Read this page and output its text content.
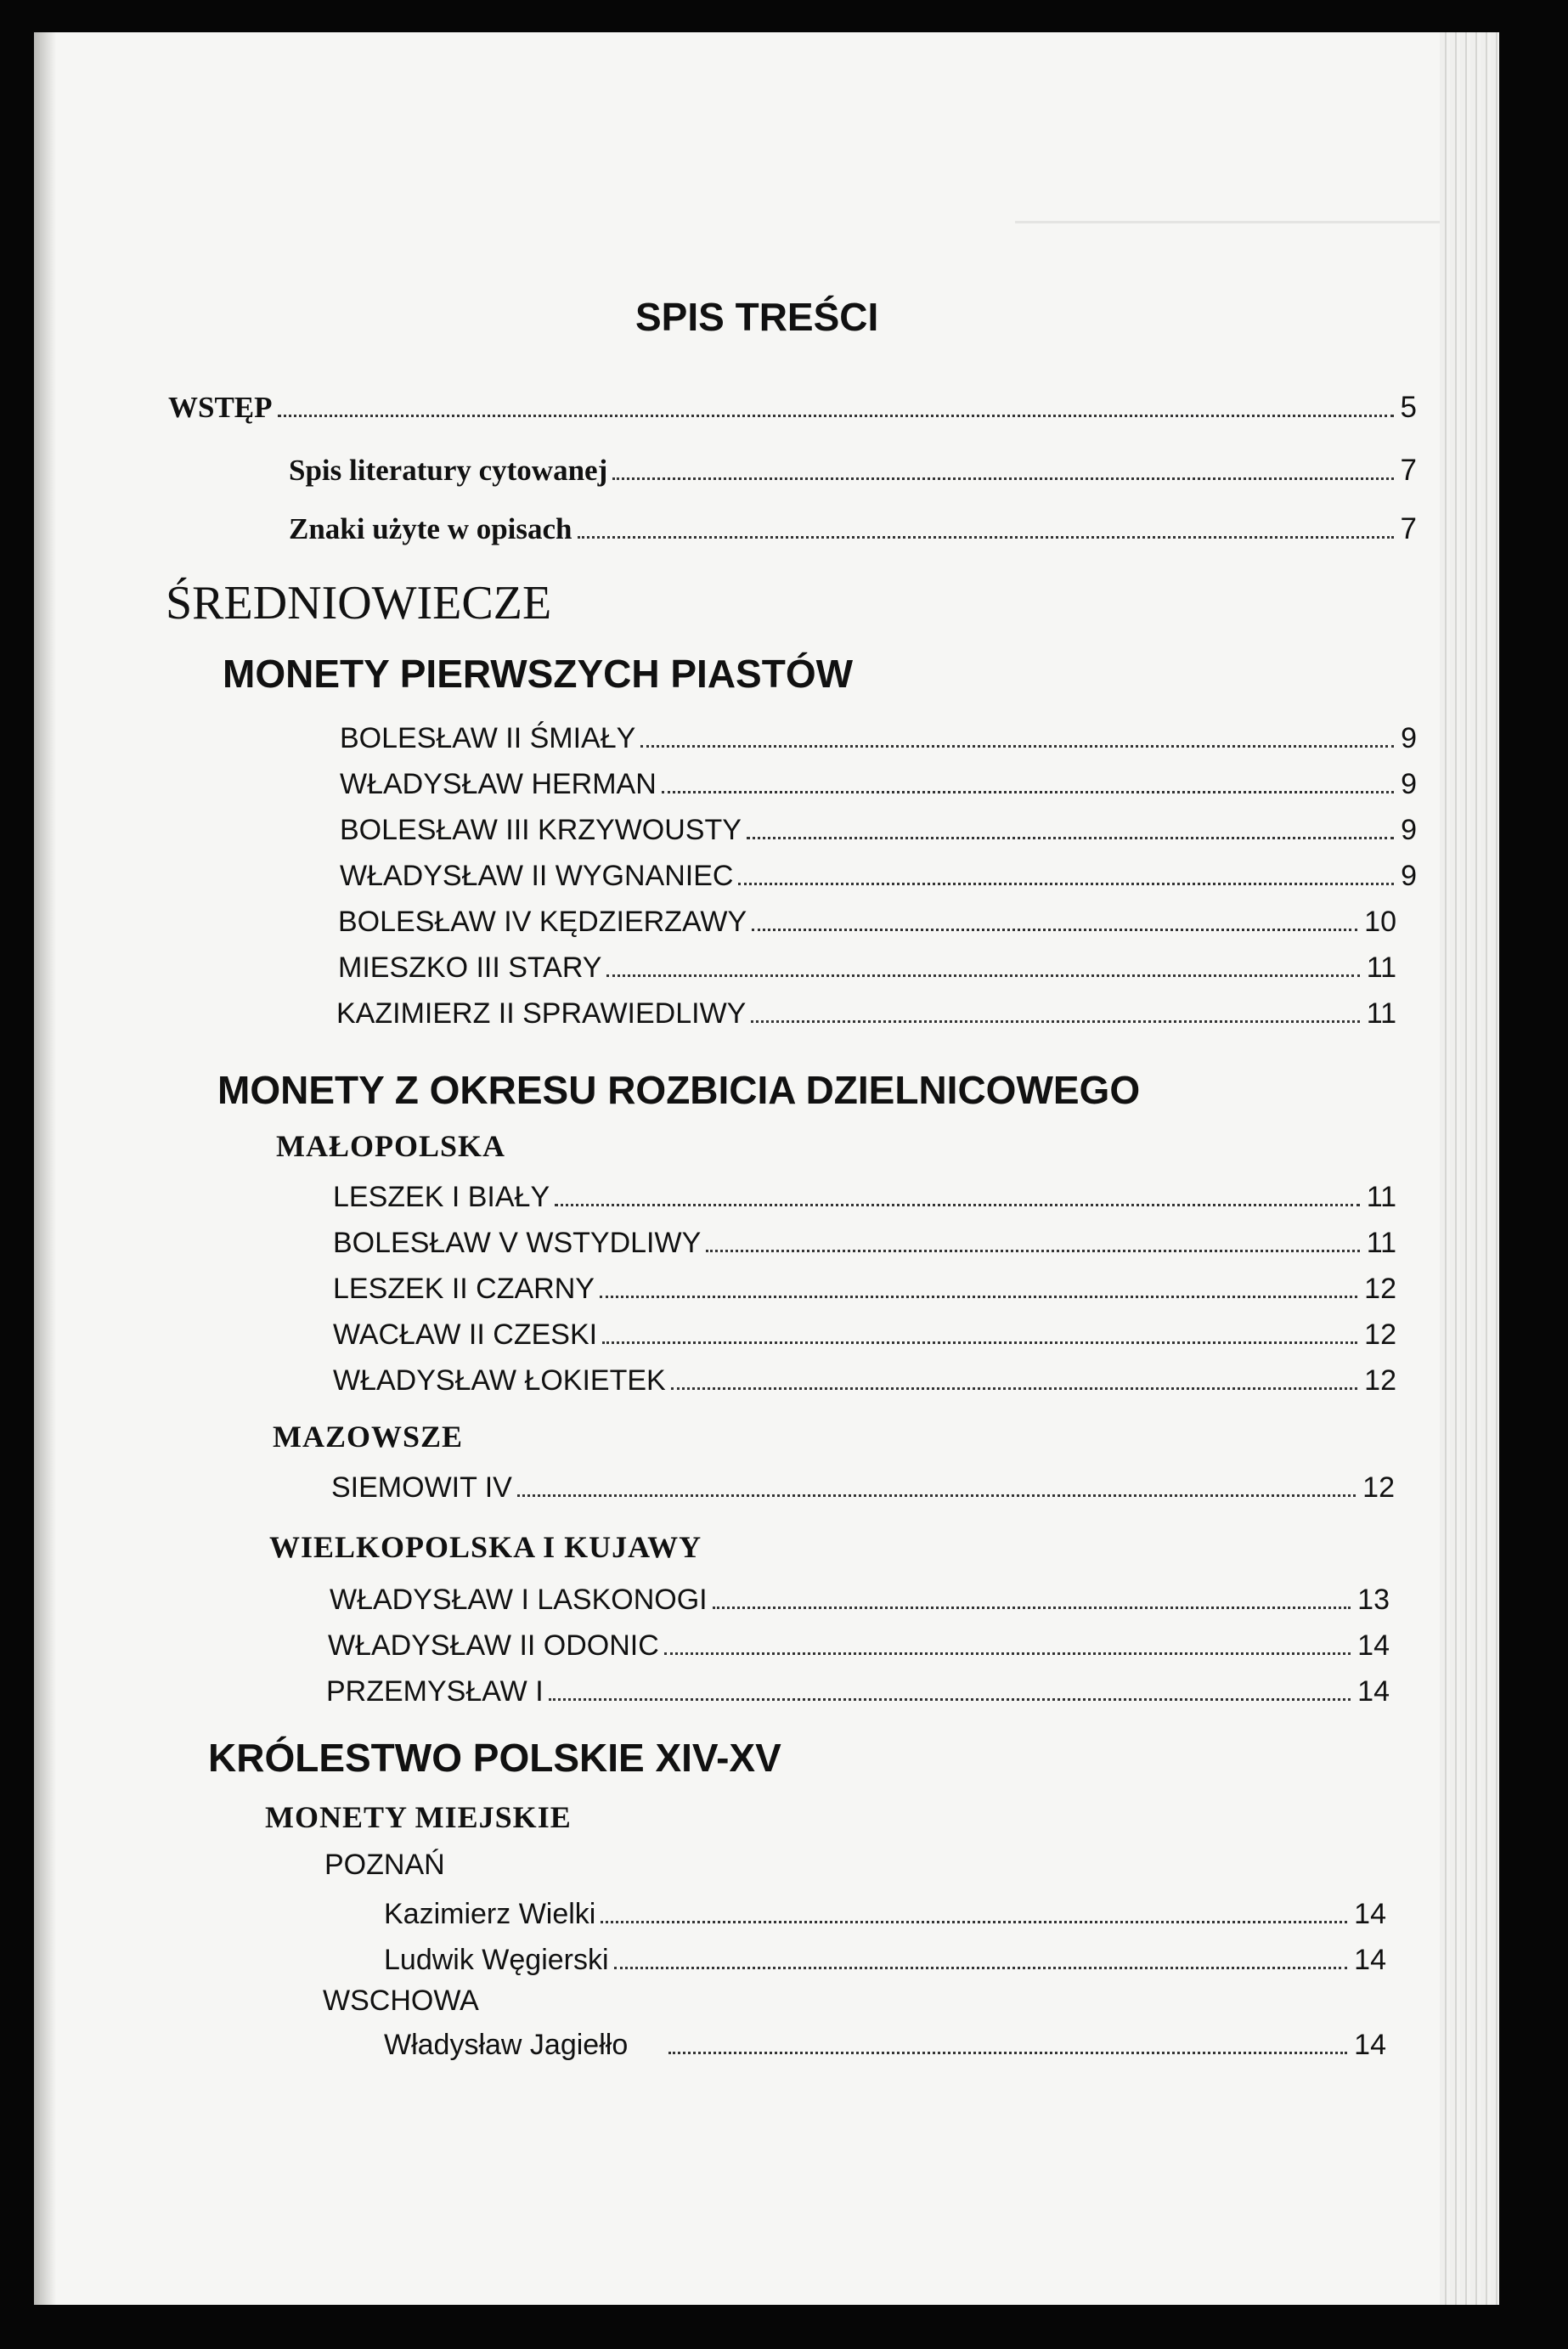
SPIS TREŚCI
WSTĘP	5
Spis literatury cytowanej	7
Znaki użyte w opisach	7
ŚREDNIOWIECZE
MONETY PIERWSZYCH PIASTÓW
BOLESŁAW II ŚMIAŁY	9
WŁADYSŁAW HERMAN	9
BOLESŁAW III KRZYWOUSTY	9
WŁADYSŁAW II WYGNANIEC	9
BOLESŁAW IV KĘDZIERZAWY	10
MIESZKO III STARY	11
KAZIMIERZ II SPRAWIEDLIWY	11
MONETY Z OKRESU ROZBICIA DZIELNICOWEGO
MAŁOPOLSKA
LESZEK I BIAŁY	11
BOLESŁAW V WSTYDLIWY	11
LESZEK II CZARNY	12
WACŁAW II CZESKI	12
WŁADYSŁAW ŁOKIETEK	12
MAZOWSZE
SIEMOWIT IV	12
WIELKOPOLSKA I KUJAWY
WŁADYSŁAW I LASKONOGI	13
WŁADYSŁAW II ODONIC	14
PRZEMYSŁAW I	14
KRÓLESTWO POLSKIE XIV-XV
MONETY MIEJSKIE
POZNAŃ
Kazimierz Wielki	14
Ludwik Węgierski	14
WSCHOWA
Władysław Jagiełło	14
